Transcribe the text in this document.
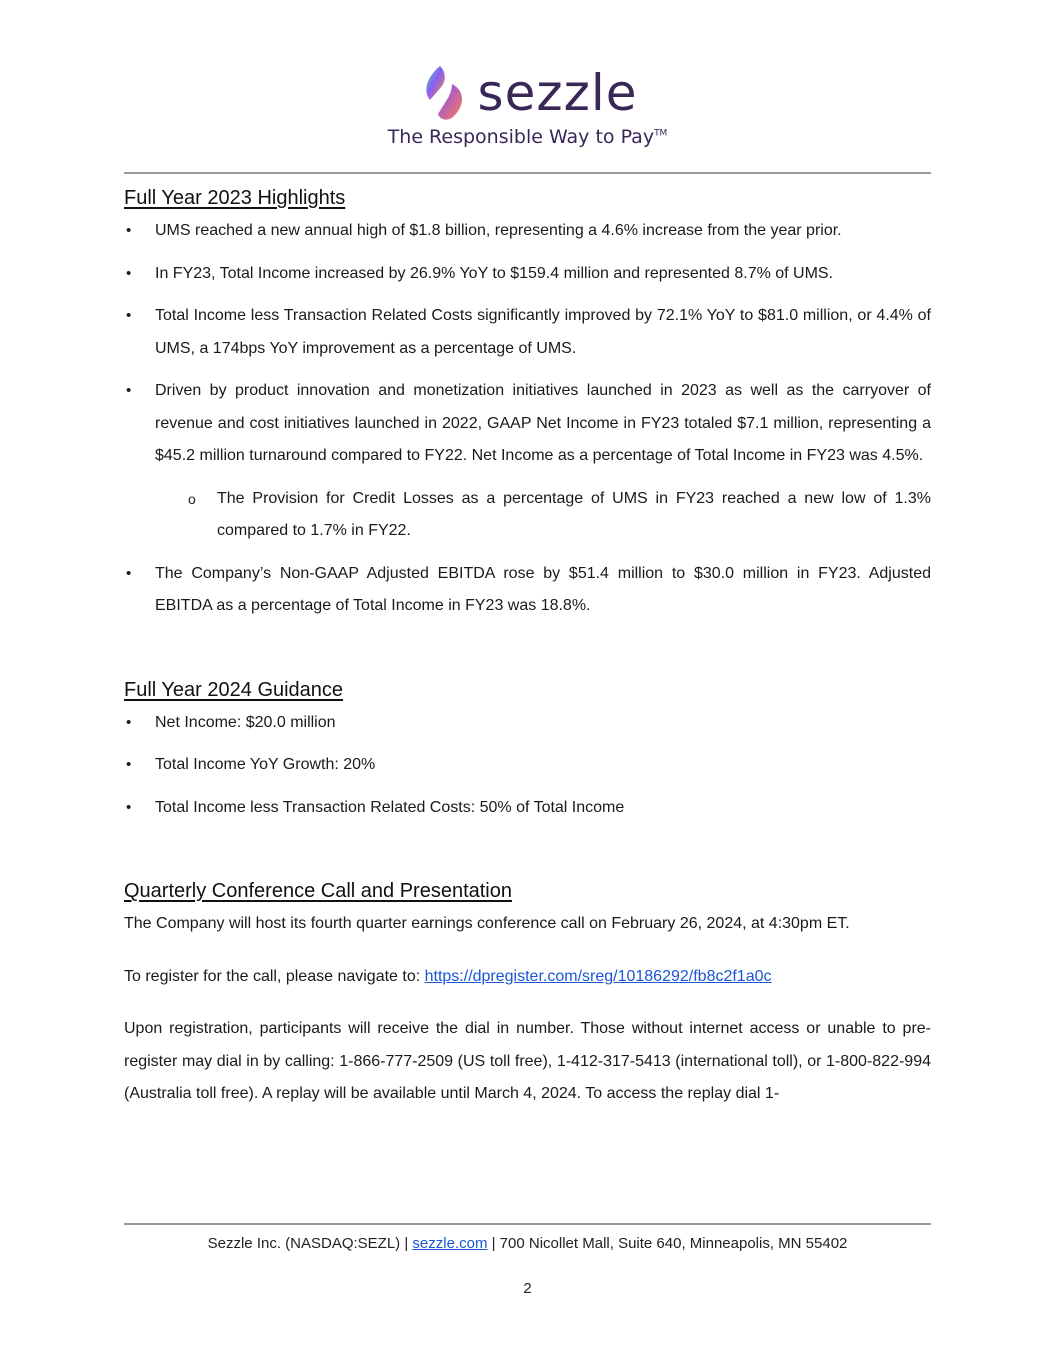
sezzle
The Responsible Way to Pay™
Full Year 2023 Highlights
• UMS reached a new annual high of $1.8 billion, representing a 4.6% increase from the year prior.
• In FY23, Total Income increased by 26.9% YoY to $159.4 million and represented 8.7% of UMS.
• Total Income less Transaction Related Costs significantly improved by 72.1% YoY to $81.0 million, or 4.4% of UMS, a 174bps YoY improvement as a percentage of UMS.
• Driven by product innovation and monetization initiatives launched in 2023 as well as the carryover of revenue and cost initiatives launched in 2022, GAAP Net Income in FY23 totaled $7.1 million, representing a $45.2 million turnaround compared to FY22. Net Income as a percentage of Total Income in FY23 was 4.5%.
o The Provision for Credit Losses as a percentage of UMS in FY23 reached a new low of 1.3% compared to 1.7% in FY22.
• The Company’s Non-GAAP Adjusted EBITDA rose by $51.4 million to $30.0 million in FY23. Adjusted EBITDA as a percentage of Total Income in FY23 was 18.8%.
Full Year 2024 Guidance
• Net Income: $20.0 million
• Total Income YoY Growth: 20%
• Total Income less Transaction Related Costs: 50% of Total Income
Quarterly Conference Call and Presentation

The Company will host its fourth quarter earnings conference call on February 26, 2024, at 4:30pm ET.

To register for the call, please navigate to: https://dpregister.com/sreg/10186292/fb8c2f1a0c

Upon registration, participants will receive the dial in number. Those without internet access or unable to pre-register may dial in by calling: 1-866-777-2509 (US toll free), 1-412-317-5413 (international toll), or 1-800-822-994 (Australia toll free). A replay will be available until March 4, 2024. To access the replay dial 1-

Sezzle Inc. (NASDAQ:SEZL) | sezzle.com | 700 Nicollet Mall, Suite 640, Minneapolis, MN 55402
2
